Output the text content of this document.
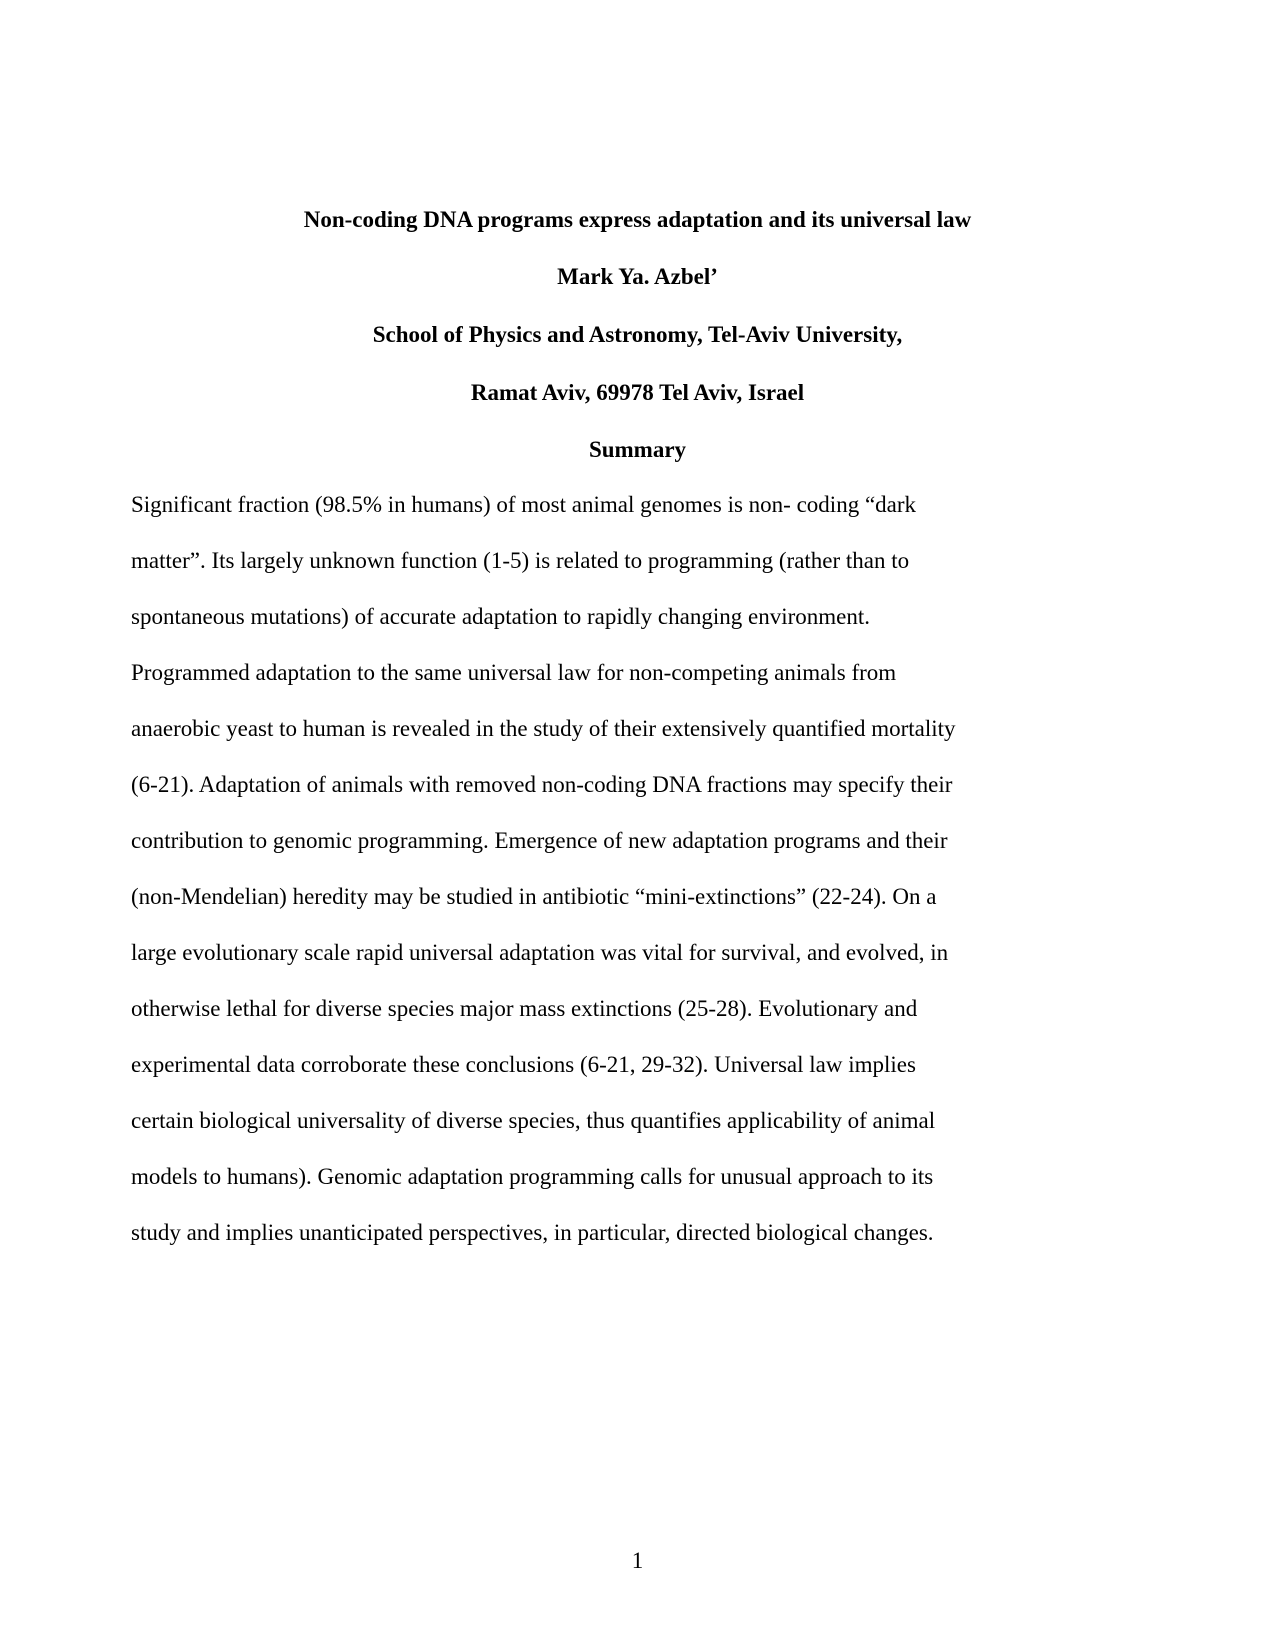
Non-coding DNA programs express adaptation and its universal law
Mark Ya. Azbel’
School of Physics and Astronomy, Tel-Aviv University,
Ramat Aviv, 69978 Tel Aviv, Israel
Summary
Significant fraction (98.5% in humans) of most animal genomes is non- coding “dark
matter”. Its largely unknown function (1-5) is related to programming (rather than to
spontaneous mutations) of accurate adaptation to rapidly changing environment.
Programmed adaptation to the same universal law for non-competing animals from
anaerobic yeast to human is revealed in the study of their extensively quantified mortality
(6-21). Adaptation of animals with removed non-coding DNA fractions may specify their
contribution to genomic programming. Emergence of new adaptation programs and their
(non-Mendelian) heredity may be studied in antibiotic “mini-extinctions” (22-24). On a
large evolutionary scale rapid universal adaptation was vital for survival, and evolved, in
otherwise lethal for diverse species major mass extinctions (25-28). Evolutionary and
experimental data corroborate these conclusions (6-21, 29-32). Universal law implies
certain biological universality of diverse species, thus quantifies applicability of animal
models to humans). Genomic adaptation programming calls for unusual approach to its
study and implies unanticipated perspectives, in particular, directed biological changes.
1
